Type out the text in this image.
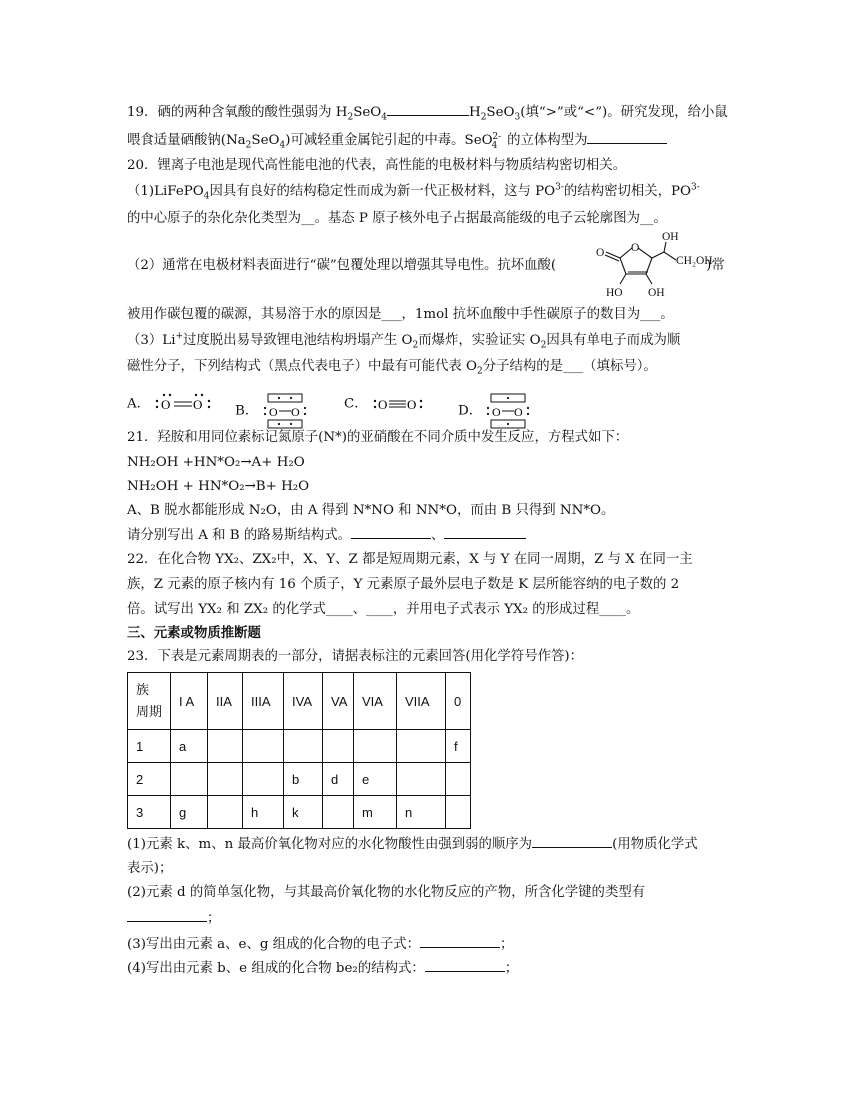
19．硒的两种含氧酸的酸性强弱为 $H_2SeO_4$	$H_2SeO_3$(填“>”或“<”)。研究发现，给小鼠
喂食适量硒酸钠$(Na_2SeO_4)$可减轻重金属铊引起的中毒。SeO$_4^{2-}$ 的立体构型为
20．锂离子电池是现代高性能电池的代表，高性能的电极材料与物质结构密切相关。
（1)LiFePO$_4$因具有良好的结构稳定性而成为新一代正极材料，这与 $PO^{3-}$的结构密切相关，$PO^{3-}$
的中心原子的杂化杂化类型为__。基态 P 原子核外电子占据最高能级的电子云轮廓图为__。
（2）通常在电极材料表面进行“碳”包覆处理以增强其导电性。抗坏血酸(	)常
O O
OH
CH₂OH
HO OH
被用作碳包覆的碳源，其易溶于水的原因是___，1mol 抗坏血酸中手性碳原子的数目为___。
（3）Li+过度脱出易导致锂电池结构坍塌产生 $O_2$而爆炸，实验证实 $O_2$因具有单电子而成为顺
磁性分子，下列结构式（黑点代表电子）中最有可能代表 $O_2$分子结构的是___（填标号）。
A． O O B． O O
C． O O	D． O O
21．羟胺和用同位素标记氮原子(N*)的亚硝酸在不同介质中发生反应，方程式如下：
NH₂OH +HN*O₂→A+ H₂O
NH₂OH + HN*O₂→B+ H₂O
A、B 脱水都能形成 N₂O，由 A 得到 N*NO 和 NN*O，而由 B 只得到 NN*O。
请分别写出 A 和 B 的路易斯结构式。	、
22．在化合物 YX₂、ZX₂中，X、Y、Z 都是短周期元素，X 与 Y 在同一周期，Z 与 X 在同一主
族，Z 元素的原子核内有 16 个质子，Y 元素原子最外层电子数是 K 层所能容纳的电子数的 2
倍。试写出 YX₂ 和 ZX₂ 的化学式____、____，并用电子式表示 YX₂ 的形成过程____。
三、元素或物质推断题
23．下表是元素周期表的一部分，请据表标注的元素回答(用化学符号作答)：
族
周期	I A	IIA	IIIA	IVA	VA	VIA	VIIA	0
1	a							f
2				b	d	e		
3	g		h	k		m	n	
(1)元素 k、m、n 最高价氧化物对应的水化物酸性由强到弱的顺序为	(用物质化学式
表示)；
(2)元素 d 的简单氢化物，与其最高价氧化物的水化物反应的产物，所含化学键的类型有
；
(3)写出由元素 a、e、g 组成的化合物的电子式：	；
(4)写出由元素 b、e 组成的化合物 be₂的结构式：	；
